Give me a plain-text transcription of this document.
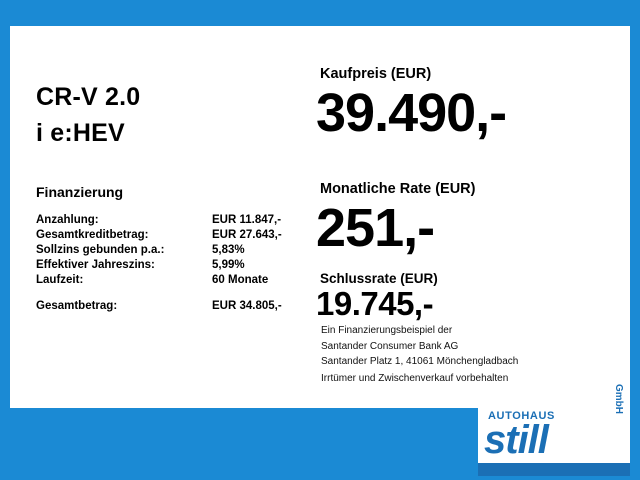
CR-V 2.0
i e:HEV
Finanzierung
Anzahlung:	EUR 11.847,-
Gesamtkreditbetrag:	EUR 27.643,-
Sollzins gebunden p.a.:	5,83%
Effektiver Jahreszins:	5,99%
Laufzeit:	60 Monate

Gesamtbetrag:	EUR 34.805,-
Kaufpreis (EUR)
39.490,-
Monatliche Rate (EUR)
251,-
Schlussrate (EUR)
19.745,-
Ein Finanzierungsbeispiel der
Santander Consumer Bank AG
Santander Platz 1, 41061 Mönchengladbach
Irrtümer und Zwischenverkauf vorbehalten
AUTOHAUS
still
GmbH
